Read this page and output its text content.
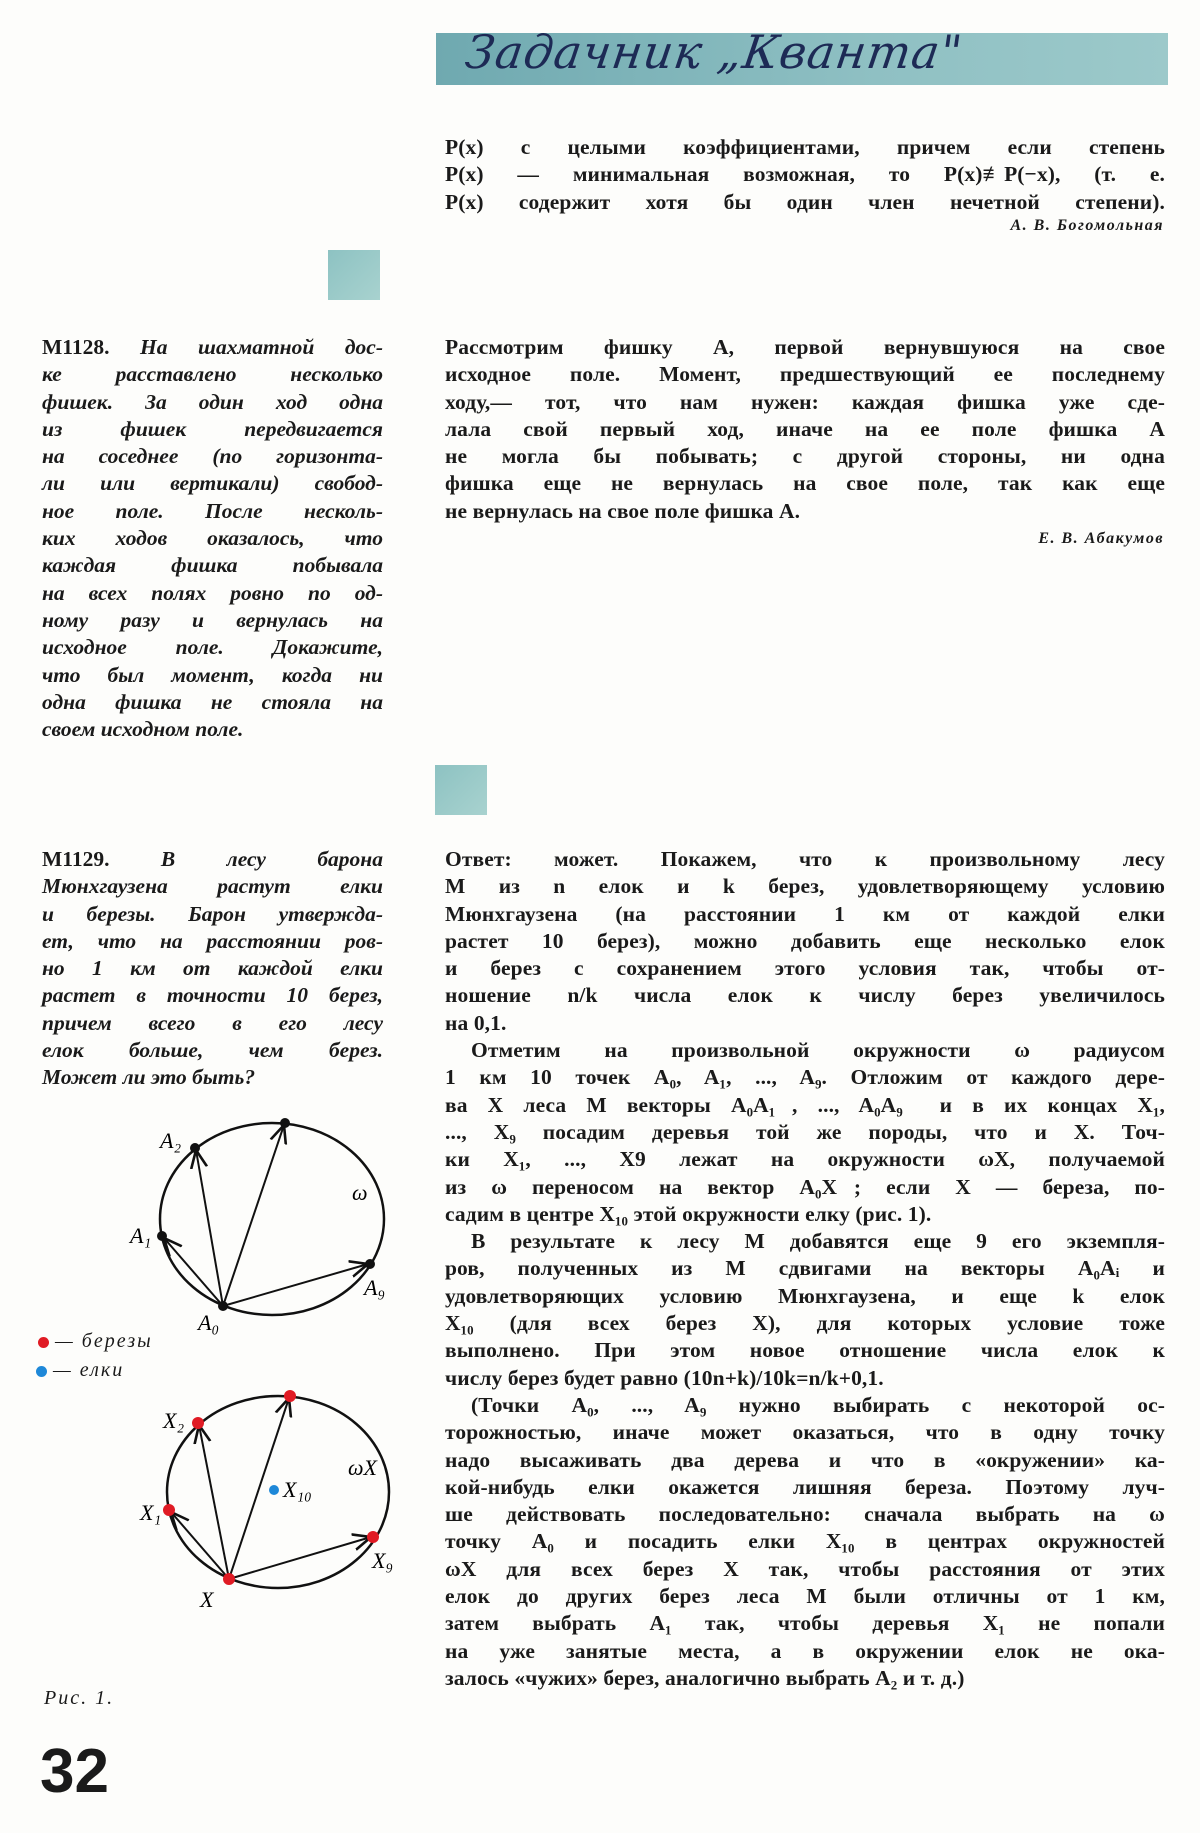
Задачник „Кванта"
P(x) с целыми коэффициентами, причем если степень
P(x) — минимальная возможная, то P(x)≢P(−x), (т. е.
P(x) содержит хотя бы один член нечетной степени).
А. В. Богомольная
M1128. На шахматной дос-
ке расставлено несколько
фишек. За один ход одна
из фишек передвигается
на соседнее (по горизонта-
ли или вертикали) свобод-
ное поле. После несколь-
ких ходов оказалось, что
каждая фишка побывала
на всех полях ровно по од-
ному разу и вернулась на
исходное поле. Докажите,
что был момент, когда ни
одна фишка не стояла на
своем исходном поле.
Рассмотрим фишку A, первой вернувшуюся на свое
исходное поле. Момент, предшествующий ее последнему
ходу,— тот, что нам нужен: каждая фишка уже сде-
лала свой первый ход, иначе на ее поле фишка A
не могла бы побывать; с другой стороны, ни одна
фишка еще не вернулась на свое поле, так как еще
не вернулась на свое поле фишка A.
Е. В. Абакумов
M1129. В лесу барона
Мюнхгаузена растут елки
и березы. Барон утвержда-
ет, что на расстоянии ров-
но 1 км от каждой елки
растет в точности 10 берез,
причем всего в его лесу
елок больше, чем берез.
Может ли это быть?
Ответ: может. Покажем, что к произвольному лесу
M из n елок и k берез, удовлетворяющему условию
Мюнхгаузена (на расстоянии 1 км от каждой елки
растет 10 берез), можно добавить еще несколько елок
и берез с сохранением этого условия так, чтобы от-
ношение n/k числа елок к числу берез увеличилось
на 0,1.
Отметим на произвольной окружности ω радиусом
1 км 10 точек A₀, A₁, ..., A₉. Отложим от каждого дере-
ва X леса M векторы A₀A₁⃗, ..., A₀A₉⃗ и в их концах X₁,
..., X₉ посадим деревья той же породы, что и X. Точ-
ки X₁, ..., X9 лежат на окружности ωX, получаемой
из ω переносом на вектор A₀X⃗; если X — береза, по-
садим в центре X₁₀ этой окружности елку (рис. 1).
В результате к лесу M добавятся еще 9 его экземпля-
ров, полученных из M сдвигами на векторы A₀Aᵢ и
удовлетворяющих условию Мюнхгаузена, и еще k елок
X₁₀ (для всех берез X), для которых условие тоже
выполнено. При этом новое отношение числа елок к
числу берез будет равно (10n+k)/10k=n/k+0,1.
(Точки A₀, ..., A₉ нужно выбирать с некоторой ос-
торожностью, иначе может оказаться, что в одну точку
надо высаживать два дерева и что в «окружении» ка-
кой-нибудь елки окажется лишняя береза. Поэтому луч-
ше действовать последовательно: сначала выбрать на ω
точку A₀ и посадить елки X₁₀ в центрах окружностей
ωX для всех берез X так, чтобы расстояния от этих
елок до других берез леса M были отличны от 1 км,
затем выбрать A₁ так, чтобы деревья X₁ не попали
на уже занятые места, а в окружении елок не ока-
залось «чужих» берез, аналогично выбрать A₂ и т. д.)
A₀
A₁
A₂
A₉
ω
X
X₁
X₂
X₉
X₁₀
ωX
— березы
— елки
Рис. 1.
32
